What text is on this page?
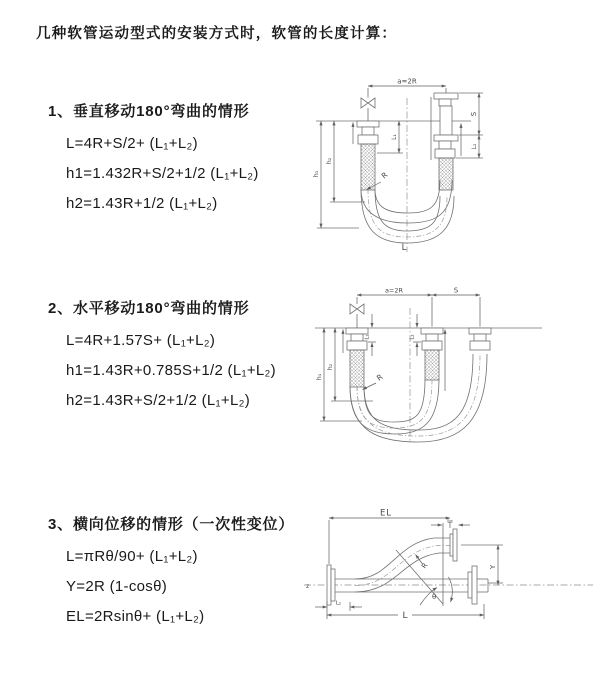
几种软管运动型式的安装方式时，软管的长度计算：
1、垂直移动180°弯曲的情形
L=4R+S/2+ (L₁+L₂)
h1=1.432R+S/2+1/2 (L₁+L₂)
h2=1.43R+1/2 (L₁+L₂)
2、水平移动180°弯曲的情形
L=4R+1.57S+ (L₁+L₂)
h1=1.43R+0.785S+1/2 (L₁+L₂)
h2=1.43R+S/2+1/2 (L₁+L₂)
3、横向位移的情形（一次性变位）
L=πRθ/90+ (L₁+L₂)
Y=2R (1-cosθ)
EL=2Rsinθ+ (L₁+L₂)
a=2R
L₁
S
L₂
h₁
h₂
R
L
a=2R	S
L₁	L₂
h₁
h₂
R
z
EL
L₂
Y
R
θ
L₁
L
